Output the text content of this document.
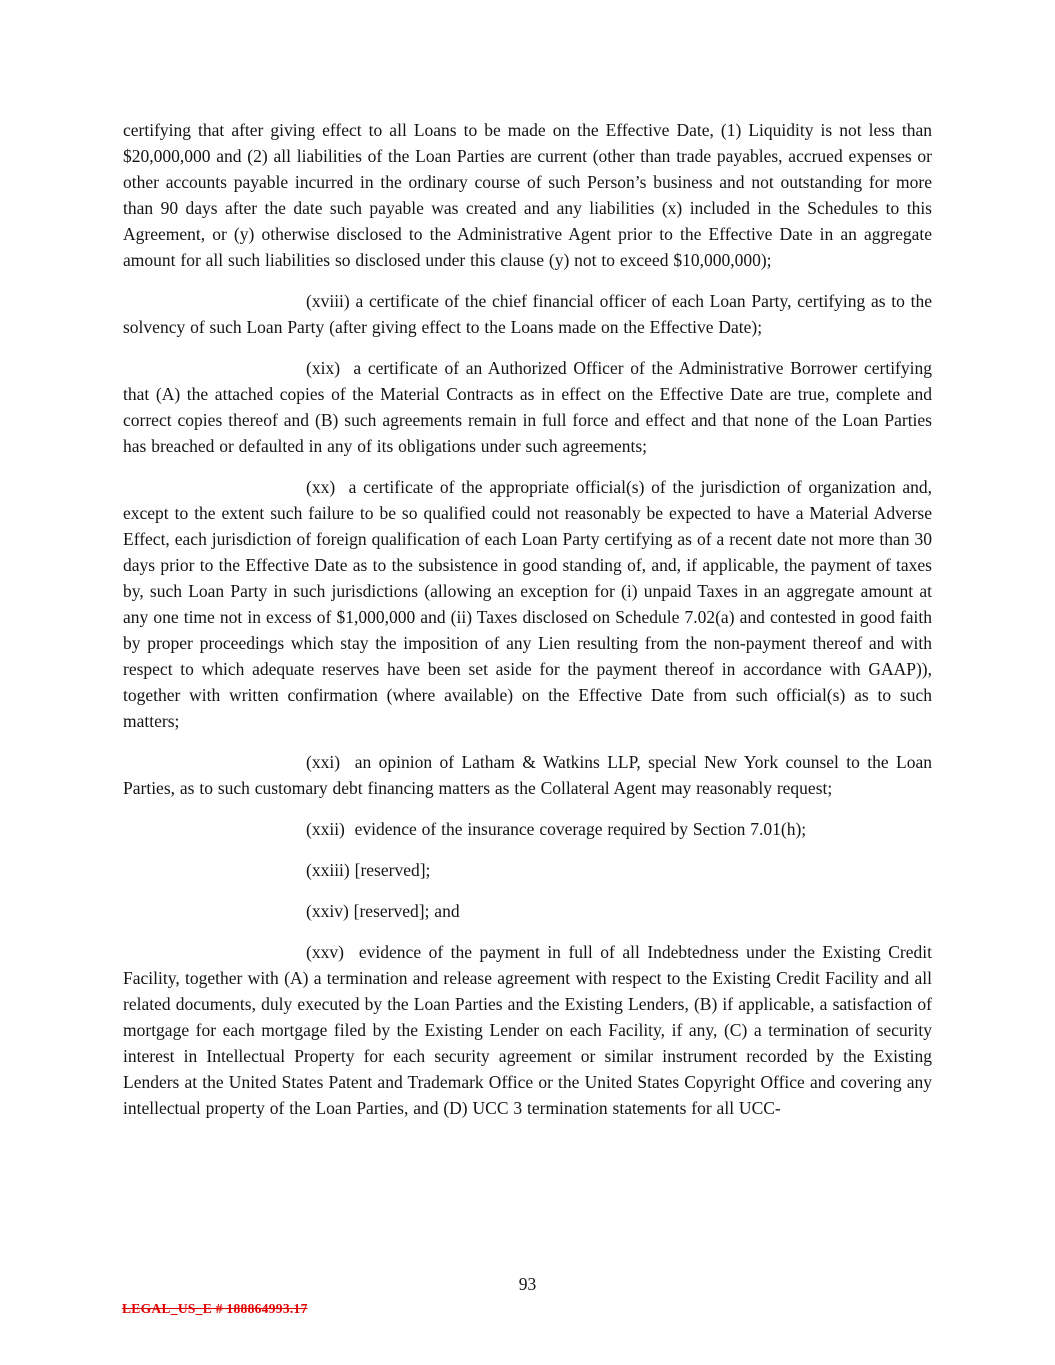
certifying that after giving effect to all Loans to be made on the Effective Date, (1) Liquidity is not less than $20,000,000 and (2) all liabilities of the Loan Parties are current (other than trade payables, accrued expenses or other accounts payable incurred in the ordinary course of such Person’s business and not outstanding for more than 90 days after the date such payable was created and any liabilities (x) included in the Schedules to this Agreement, or (y) otherwise disclosed to the Administrative Agent prior to the Effective Date in an aggregate amount for all such liabilities so disclosed under this clause (y) not to exceed $10,000,000);

(xviii) a certificate of the chief financial officer of each Loan Party, certifying as to the solvency of such Loan Party (after giving effect to the Loans made on the Effective Date);

(xix)  a certificate of an Authorized Officer of the Administrative Borrower certifying that (A) the attached copies of the Material Contracts as in effect on the Effective Date are true, complete and correct copies thereof and (B) such agreements remain in full force and effect and that none of the Loan Parties has breached or defaulted in any of its obligations under such agreements;

(xx)  a certificate of the appropriate official(s) of the jurisdiction of organization and, except to the extent such failure to be so qualified could not reasonably be expected to have a Material Adverse Effect, each jurisdiction of foreign qualification of each Loan Party certifying as of a recent date not more than 30 days prior to the Effective Date as to the subsistence in good standing of, and, if applicable, the payment of taxes by, such Loan Party in such jurisdictions (allowing an exception for (i) unpaid Taxes in an aggregate amount at any one time not in excess of $1,000,000 and (ii) Taxes disclosed on Schedule 7.02(a) and contested in good faith by proper proceedings which stay the imposition of any Lien resulting from the non-payment thereof and with respect to which adequate reserves have been set aside for the payment thereof in accordance with GAAP)), together with written confirmation (where available) on the Effective Date from such official(s) as to such matters;

(xxi)  an opinion of Latham & Watkins LLP, special New York counsel to the Loan Parties, as to such customary debt financing matters as the Collateral Agent may reasonably request;

(xxii)  evidence of the insurance coverage required by Section 7.01(h);

(xxiii) [reserved];

(xxiv) [reserved]; and

(xxv)  evidence of the payment in full of all Indebtedness under the Existing Credit Facility, together with (A) a termination and release agreement with respect to the Existing Credit Facility and all related documents, duly executed by the Loan Parties and the Existing Lenders, (B) if applicable, a satisfaction of mortgage for each mortgage filed by the Existing Lender on each Facility, if any, (C) a termination of security interest in Intellectual Property for each security agreement or similar instrument recorded by the Existing Lenders at the United States Patent and Trademark Office or the United States Copyright Office and covering any intellectual property of the Loan Parties, and (D) UCC 3 termination statements for all UCC-

93
LEGAL_US_E # 188864993.17
